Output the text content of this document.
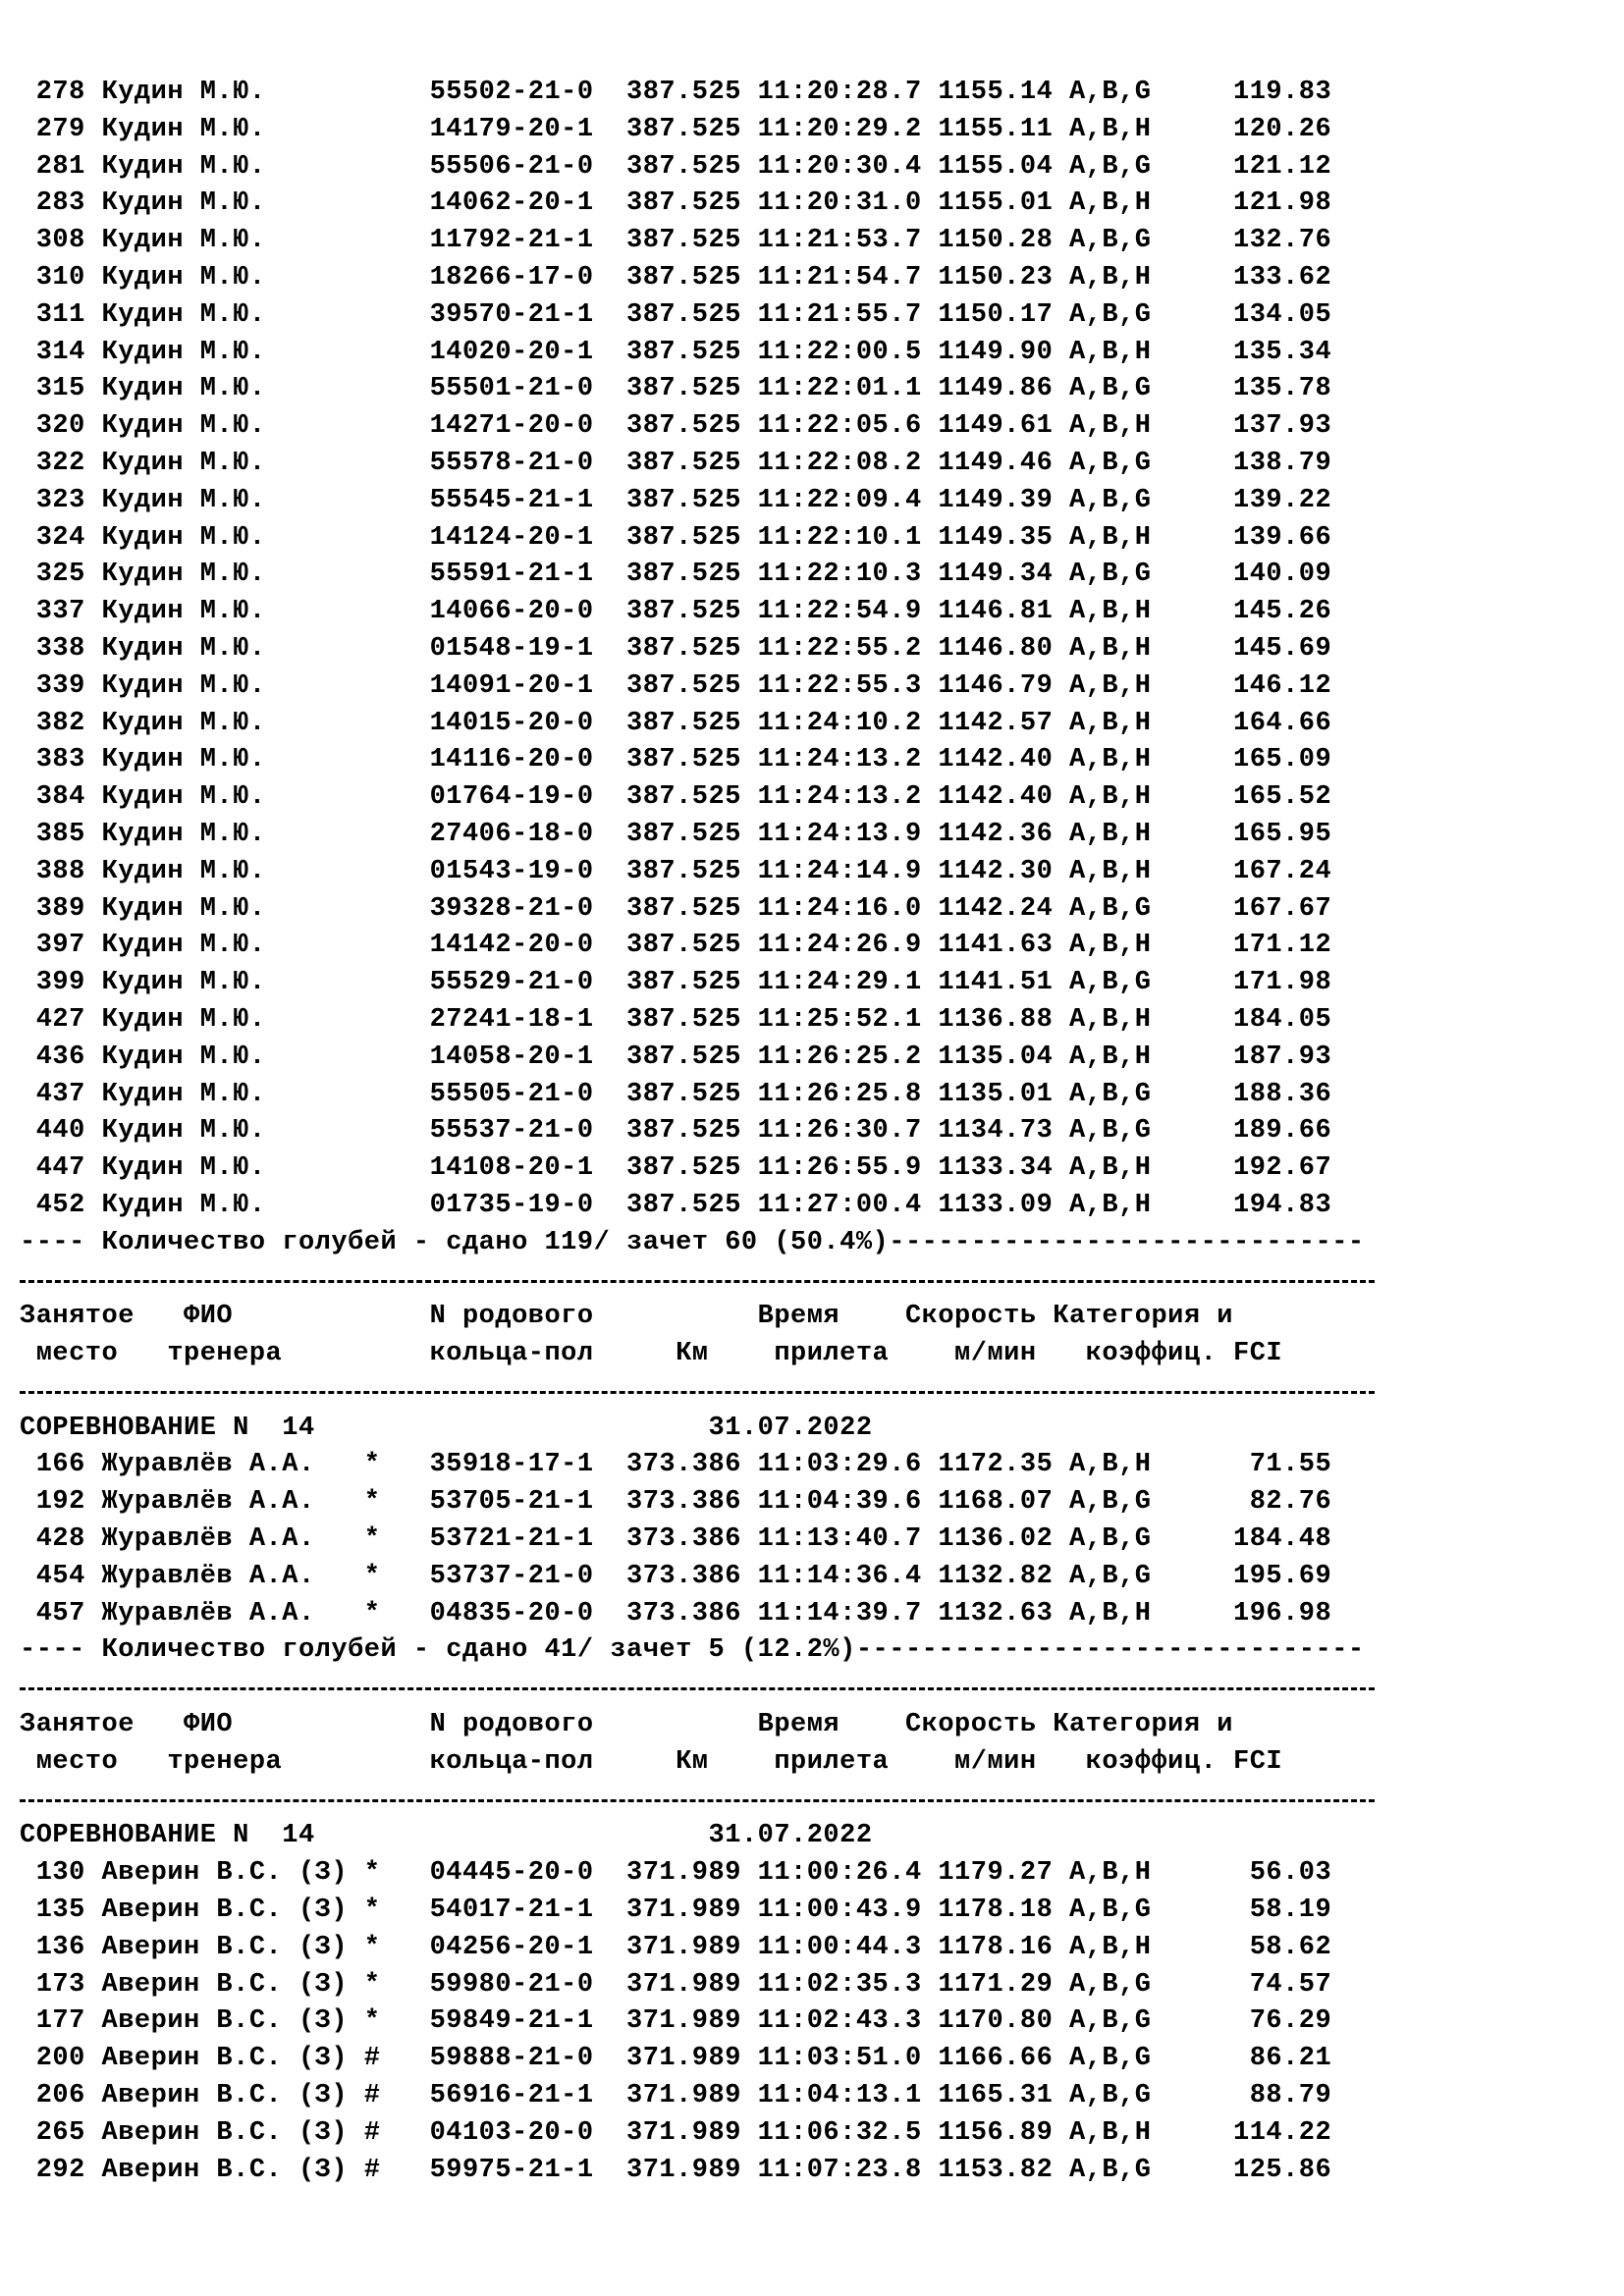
278 Кудин М.Ю.          55502-21-0  387.525 11:20:28.7 1155.14 A,B,G     119.83
279 Кудин М.Ю.          14179-20-1  387.525 11:20:29.2 1155.11 A,B,H     120.26
281 Кудин М.Ю.          55506-21-0  387.525 11:20:30.4 1155.04 A,B,G     121.12
283 Кудин М.Ю.          14062-20-1  387.525 11:20:31.0 1155.01 A,B,H     121.98
308 Кудин М.Ю.          11792-21-1  387.525 11:21:53.7 1150.28 A,B,G     132.76
310 Кудин М.Ю.          18266-17-0  387.525 11:21:54.7 1150.23 A,B,H     133.62
311 Кудин М.Ю.          39570-21-1  387.525 11:21:55.7 1150.17 A,B,G     134.05
314 Кудин М.Ю.          14020-20-1  387.525 11:22:00.5 1149.90 A,B,H     135.34
315 Кудин М.Ю.          55501-21-0  387.525 11:22:01.1 1149.86 A,B,G     135.78
320 Кудин М.Ю.          14271-20-0  387.525 11:22:05.6 1149.61 A,B,H     137.93
322 Кудин М.Ю.          55578-21-0  387.525 11:22:08.2 1149.46 A,B,G     138.79
323 Кудин М.Ю.          55545-21-1  387.525 11:22:09.4 1149.39 A,B,G     139.22
324 Кудин М.Ю.          14124-20-1  387.525 11:22:10.1 1149.35 A,B,H     139.66
325 Кудин М.Ю.          55591-21-1  387.525 11:22:10.3 1149.34 A,B,G     140.09
337 Кудин М.Ю.          14066-20-0  387.525 11:22:54.9 1146.81 A,B,H     145.26
338 Кудин М.Ю.          01548-19-1  387.525 11:22:55.2 1146.80 A,B,H     145.69
339 Кудин М.Ю.          14091-20-1  387.525 11:22:55.3 1146.79 A,B,H     146.12
382 Кудин М.Ю.          14015-20-0  387.525 11:24:10.2 1142.57 A,B,H     164.66
383 Кудин М.Ю.          14116-20-0  387.525 11:24:13.2 1142.40 A,B,H     165.09
384 Кудин М.Ю.          01764-19-0  387.525 11:24:13.2 1142.40 A,B,H     165.52
385 Кудин М.Ю.          27406-18-0  387.525 11:24:13.9 1142.36 A,B,H     165.95
388 Кудин М.Ю.          01543-19-0  387.525 11:24:14.9 1142.30 A,B,H     167.24
389 Кудин М.Ю.          39328-21-0  387.525 11:24:16.0 1142.24 A,B,G     167.67
397 Кудин М.Ю.          14142-20-0  387.525 11:24:26.9 1141.63 A,B,H     171.12
399 Кудин М.Ю.          55529-21-0  387.525 11:24:29.1 1141.51 A,B,G     171.98
427 Кудин М.Ю.          27241-18-1  387.525 11:25:52.1 1136.88 A,B,H     184.05
436 Кудин М.Ю.          14058-20-1  387.525 11:26:25.2 1135.04 A,B,H     187.93
437 Кудин М.Ю.          55505-21-0  387.525 11:26:25.8 1135.01 A,B,G     188.36
440 Кудин М.Ю.          55537-21-0  387.525 11:26:30.7 1134.73 A,B,G     189.66
447 Кудин М.Ю.          14108-20-1  387.525 11:26:55.9 1133.34 A,B,H     192.67
452 Кудин М.Ю.          01735-19-0  387.525 11:27:00.4 1133.09 A,B,H     194.83
---- Количество голубей - сдано 119/ зачет 60 (50.4%)-----------------------------
Занятое   ФИО            N родового          Время    Скорость Категория и
место   тренера         кольца-пол     Км    прилета    м/мин   коэффиц. FCI
СОРЕВНОВАНИЕ N  14                        31.07.2022
166 Журавлёв А.А.   *   35918-17-1  373.386 11:03:29.6 1172.35 A,B,H      71.55
192 Журавлёв А.А.   *   53705-21-1  373.386 11:04:39.6 1168.07 A,B,G      82.76
428 Журавлёв А.А.   *   53721-21-1  373.386 11:13:40.7 1136.02 A,B,G     184.48
454 Журавлёв А.А.   *   53737-21-0  373.386 11:14:36.4 1132.82 A,B,G     195.69
457 Журавлёв А.А.   *   04835-20-0  373.386 11:14:39.7 1132.63 A,B,H     196.98
---- Количество голубей - сдано 41/ зачет 5 (12.2%)-------------------------------
Занятое   ФИО            N родового          Время    Скорость Категория и
место   тренера         кольца-пол     Км    прилета    м/мин   коэффиц. FCI
СОРЕВНОВАНИЕ N  14                        31.07.2022
130 Аверин В.С. (З) *   04445-20-0  371.989 11:00:26.4 1179.27 A,B,H      56.03
135 Аверин В.С. (З) *   54017-21-1  371.989 11:00:43.9 1178.18 A,B,G      58.19
136 Аверин В.С. (З) *   04256-20-1  371.989 11:00:44.3 1178.16 A,B,H      58.62
173 Аверин В.С. (З) *   59980-21-0  371.989 11:02:35.3 1171.29 A,B,G      74.57
177 Аверин В.С. (З) *   59849-21-1  371.989 11:02:43.3 1170.80 A,B,G      76.29
200 Аверин В.С. (З) #   59888-21-0  371.989 11:03:51.0 1166.66 A,B,G      86.21
206 Аверин В.С. (З) #   56916-21-1  371.989 11:04:13.1 1165.31 A,B,G      88.79
265 Аверин В.С. (З) #   04103-20-0  371.989 11:06:32.5 1156.89 A,B,H     114.22
292 Аверин В.С. (З) #   59975-21-1  371.989 11:07:23.8 1153.82 A,B,G     125.86
